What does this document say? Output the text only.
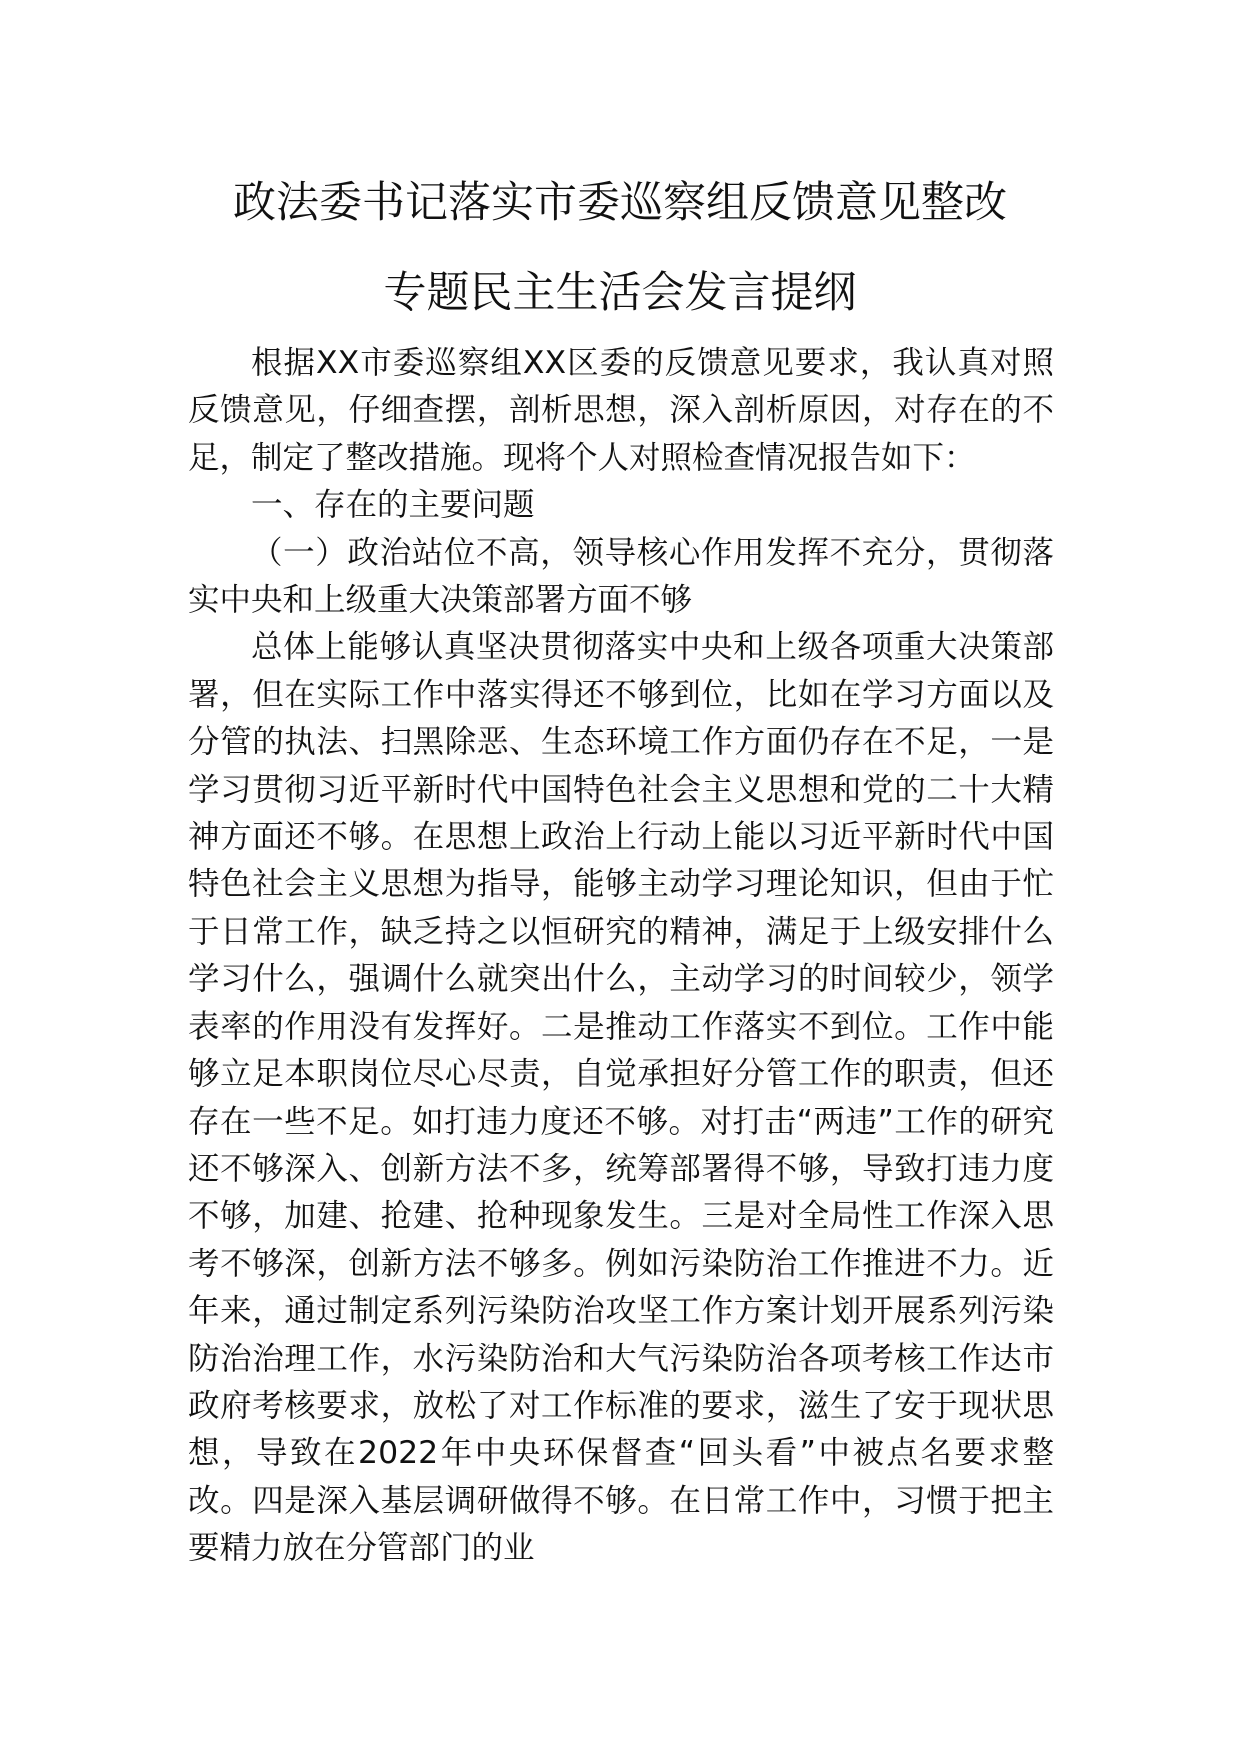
政法委书记落实市委巡察组反馈意见整改
专题民主生活会发言提纲

根据XX市委巡察组XX区委的反馈意见要求，我认真对照反馈意见，仔细查摆，剖析思想，深入剖析原因，对存在的不足，制定了整改措施。现将个人对照检查情况报告如下：

一、存在的主要问题

（一）政治站位不高，领导核心作用发挥不充分，贯彻落实中央和上级重大决策部署方面不够

总体上能够认真坚决贯彻落实中央和上级各项重大决策部署，但在实际工作中落实得还不够到位，比如在学习方面以及分管的执法、扫黑除恶、生态环境工作方面仍存在不足，一是学习贯彻习近平新时代中国特色社会主义思想和党的二十大精神方面还不够。在思想上政治上行动上能以习近平新时代中国特色社会主义思想为指导，能够主动学习理论知识，但由于忙于日常工作，缺乏持之以恒研究的精神，满足于上级安排什么学习什么，强调什么就突出什么，主动学习的时间较少，领学表率的作用没有发挥好。二是推动工作落实不到位。工作中能够立足本职岗位尽心尽责，自觉承担好分管工作的职责，但还存在一些不足。如打违力度还不够。对打击“两违”工作的研究还不够深入、创新方法不多，统筹部署得不够，导致打违力度不够，加建、抢建、抢种现象发生。三是对全局性工作深入思考不够深，创新方法不够多。例如污染防治工作推进不力。近年来，通过制定系列污染防治攻坚工作方案计划开展系列污染防治治理工作，水污染防治和大气污染防治各项考核工作达市政府考核要求，放松了对工作标准的要求，滋生了安于现状思想，导致在2022年中央环保督查“回头看”中被点名要求整改。四是深入基层调研做得不够。在日常工作中，习惯于把主要精力放在分管部门的业
